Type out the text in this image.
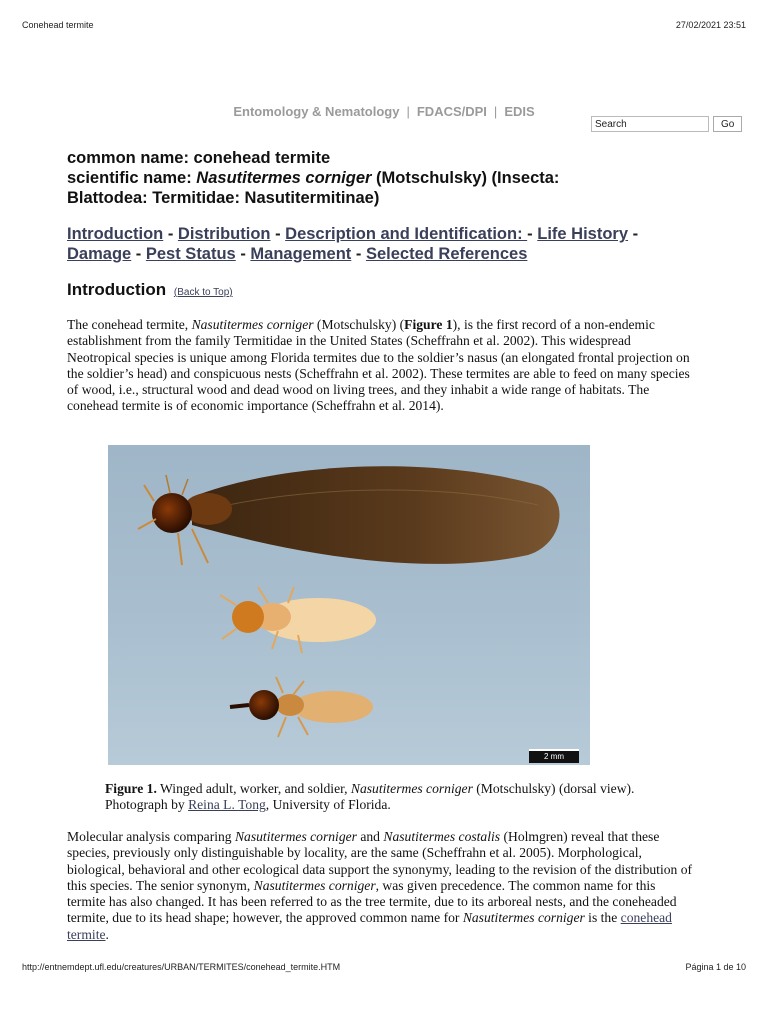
Conehead termite	27/02/2021 23:51
Entomology & Nematology | FDACS/DPI | EDIS
Search
Go
common name: conehead termite
scientific name: Nasutitermes corniger (Motschulsky) (Insecta:
Blattodea: Termitidae: Nasutitermitinae)
Introduction - Distribution - Description and Identification: - Life History - Damage - Pest Status - Management - Selected References
Introduction (Back to Top)
The conehead termite, Nasutitermes corniger (Motschulsky) (Figure 1), is the first record of a non-endemic establishment from the family Termitidae in the United States (Scheffrahn et al. 2002). This widespread Neotropical species is unique among Florida termites due to the soldier’s nasus (an elongated frontal projection on the soldier’s head) and conspicuous nests (Scheffrahn et al. 2002). These termites are able to feed on many species of wood, i.e., structural wood and dead wood on living trees, and they inhabit a wide range of habitats. The conehead termite is of economic importance (Scheffrahn et al. 2014).
2 mm
Figure 1. Winged adult, worker, and soldier, Nasutitermes corniger (Motschulsky) (dorsal view). Photograph by Reina L. Tong, University of Florida.
Molecular analysis comparing Nasutitermes corniger and Nasutitermes costalis (Holmgren) reveal that these species, previously only distinguishable by locality, are the same (Scheffrahn et al. 2005). Morphological, biological, behavioral and other ecological data support the synonymy, leading to the revision of the distribution of this species. The senior synonym, Nasutitermes corniger, was given precedence. The common name for this termite has also changed. It has been referred to as the tree termite, due to its arboreal nests, and the coneheaded termite, due to its head shape; however, the approved common name for Nasutitermes corniger is the conehead termite.
http://entnemdept.ufl.edu/creatures/URBAN/TERMITES/conehead_termite.HTM	Página 1 de 10
